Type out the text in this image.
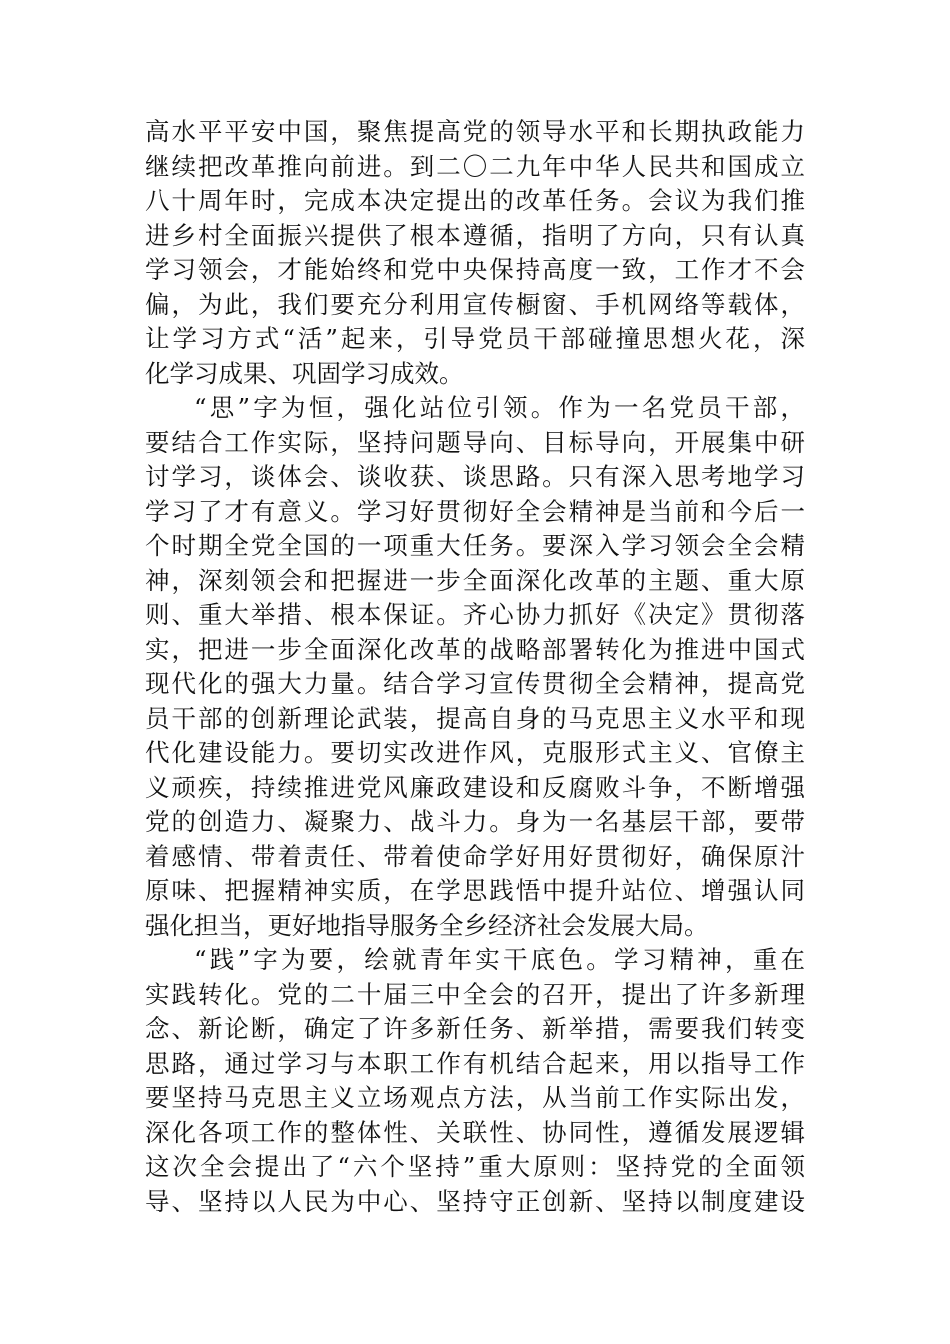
高水平平安中国，聚焦提高党的领导水平和长期执政能力
继续把改革推向前进。到二〇二九年中华人民共和国成立
八十周年时，完成本决定提出的改革任务。会议为我们推
进乡村全面振兴提供了根本遵循，指明了方向，只有认真
学习领会，才能始终和党中央保持高度一致，工作才不会
偏，为此，我们要充分利用宣传橱窗、手机网络等载体，
让学习方式“活”起来，引导党员干部碰撞思想火花，深
化学习成果、巩固学习成效。
“思”字为恒，强化站位引领。作为一名党员干部，
要结合工作实际，坚持问题导向、目标导向，开展集中研
讨学习，谈体会、谈收获、谈思路。只有深入思考地学习
学习了才有意义。学习好贯彻好全会精神是当前和今后一
个时期全党全国的一项重大任务。要深入学习领会全会精
神，深刻领会和把握进一步全面深化改革的主题、重大原
则、重大举措、根本保证。齐心协力抓好《决定》贯彻落
实，把进一步全面深化改革的战略部署转化为推进中国式
现代化的强大力量。结合学习宣传贯彻全会精神，提高党
员干部的创新理论武装，提高自身的马克思主义水平和现
代化建设能力。要切实改进作风，克服形式主义、官僚主
义顽疾，持续推进党风廉政建设和反腐败斗争，不断增强
党的创造力、凝聚力、战斗力。身为一名基层干部，要带
着感情、带着责任、带着使命学好用好贯彻好，确保原汁
原味、把握精神实质，在学思践悟中提升站位、增强认同
强化担当，更好地指导服务全乡经济社会发展大局。
“践”字为要，绘就青年实干底色。学习精神，重在
实践转化。党的二十届三中全会的召开，提出了许多新理
念、新论断，确定了许多新任务、新举措，需要我们转变
思路，通过学习与本职工作有机结合起来，用以指导工作
要坚持马克思主义立场观点方法，从当前工作实际出发，
深化各项工作的整体性、关联性、协同性，遵循发展逻辑
这次全会提出了“六个坚持”重大原则：坚持党的全面领
导、坚持以人民为中心、坚持守正创新、坚持以制度建设
